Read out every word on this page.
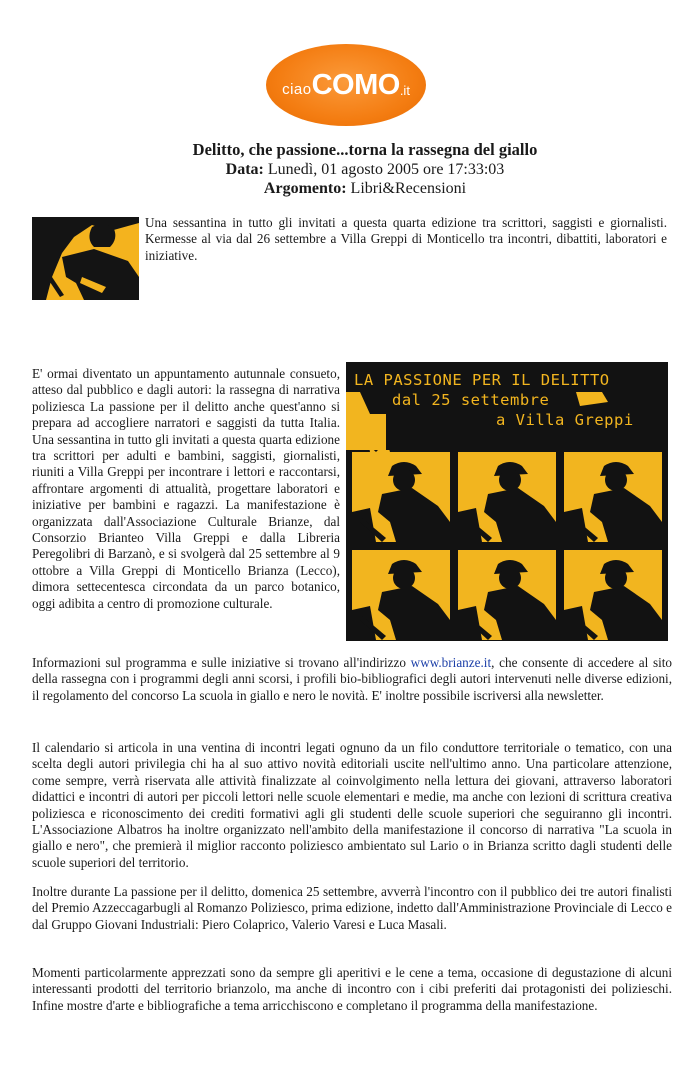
ciao COMO .it
Delitto, che passione...torna la rassegna del giallo
Data: Lunedì, 01 agosto 2005 ore 17:33:03
Argomento: Libri&Recensioni

Una sessantina in tutto gli invitati a questa quarta edizione tra scrittori, saggisti e giornalisti. Kermesse al via dal 26 settembre a Villa Greppi di Monticello tra incontri, dibattiti, laboratori e iniziative.

E' ormai diventato un appuntamento autunnale consueto, atteso dal pubblico e dagli autori: la rassegna di narrativa poliziesca La passione per il delitto anche quest'anno si prepara ad accogliere narratori e saggisti da tutta Italia. Una sessantina in tutto gli invitati a questa quarta edizione tra scrittori per adulti e bambini, saggisti, giornalisti, riuniti a Villa Greppi per incontrare i lettori e raccontarsi, affrontare argomenti di attualità, progettare laboratori e iniziative per bambini e ragazzi. La manifestazione è organizzata dall'Associazione Culturale Brianze, dal Consorzio Brianteo Villa Greppi e dalla Libreria Peregolibri di Barzanò, e si svolgerà dal 25 settembre al 9 ottobre a Villa Greppi di Monticello Brianza (Lecco), dimora settecentesca circondata da un parco botanico, oggi adibita a centro di promozione culturale.

LA PASSIONE PER IL DELITTO
dal 25 settembre
a Villa Greppi

Informazioni sul programma e sulle iniziative si trovano all'indirizzo www.brianze.it, che consente di accedere al sito della rassegna con i programmi degli anni scorsi, i profili bio-bibliografici degli autori intervenuti nelle diverse edizioni, il regolamento del concorso La scuola in giallo e nero le novità. E' inoltre possibile iscriversi alla newsletter.

Il calendario si articola in una ventina di incontri legati ognuno da un filo conduttore territoriale o tematico, con una scelta degli autori privilegia chi ha al suo attivo novità editoriali uscite nell'ultimo anno. Una particolare attenzione, come sempre, verrà riservata alle attività finalizzate al coinvolgimento nella lettura dei giovani, attraverso laboratori didattici e incontri di autori per piccoli lettori nelle scuole elementari e medie, ma anche con lezioni di scrittura creativa poliziesca e riconoscimento dei crediti formativi agli gli studenti delle scuole superiori che seguiranno gli incontri. L'Associazione Albatros ha inoltre organizzato nell'ambito della manifestazione il concorso di narrativa "La scuola in giallo e nero", che premierà il miglior racconto poliziesco ambientato sul Lario o in Brianza scritto dagli studenti delle scuole superiori del territorio.

Inoltre durante La passione per il delitto, domenica 25 settembre, avverrà l'incontro con il pubblico dei tre autori finalisti del Premio Azzeccagarbugli al Romanzo Poliziesco, prima edizione, indetto dall'Amministrazione Provinciale di Lecco e dal Gruppo Giovani Industriali: Piero Colaprico, Valerio Varesi e Luca Masali.

Momenti particolarmente apprezzati sono da sempre gli aperitivi e le cene a tema, occasione di degustazione di alcuni interessanti prodotti del territorio brianzolo, ma anche di incontro con i cibi preferiti dai protagonisti dei polizieschi. Infine mostre d'arte e bibliografiche a tema arricchiscono e completano il programma della manifestazione.
